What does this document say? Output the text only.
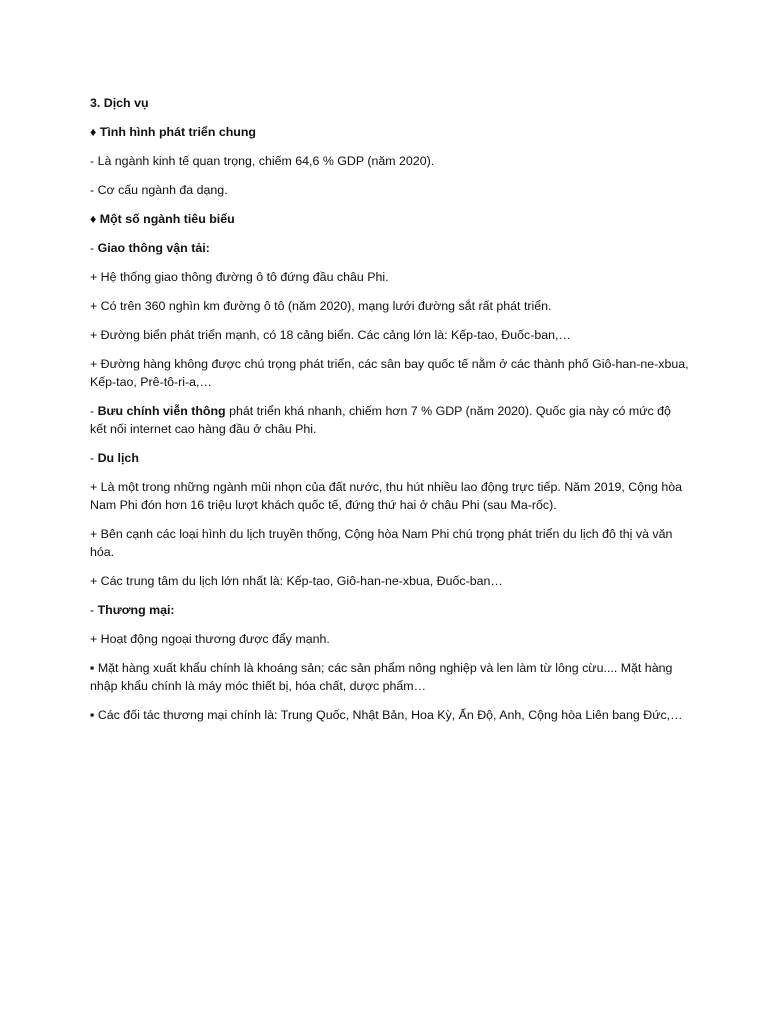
3. Dịch vụ

♦ Tình hình phát triển chung

- Là ngành kinh tế quan trọng, chiếm 64,6 % GDP (năm 2020).

- Cơ cấu ngành đa dạng.

♦ Một số ngành tiêu biểu

- Giao thông vận tải:

+ Hệ thống giao thông đường ô tô đứng đầu châu Phi.

+ Có trên 360 nghìn km đường ô tô (năm 2020), mạng lưới đường sắt rất phát triển.

+ Đường biển phát triển mạnh, có 18 cảng biển. Các cảng lớn là: Kếp-tao, Đuốc-ban,…

+ Đường hàng không được chú trọng phát triển, các sân bay quốc tế nằm ở các thành phố Giô-han-ne-xbua, Kếp-tao, Prê-tô-ri-a,…

- Bưu chính viễn thông phát triển khá nhanh, chiếm hơn 7 % GDP (năm 2020). Quốc gia này có mức độ kết nối internet cao hàng đầu ở châu Phi.

- Du lịch

+ Là một trong những ngành mũi nhọn của đất nước, thu hút nhiều lao động trực tiếp. Năm 2019, Cộng hòa Nam Phi đón hơn 16 triệu lượt khách quốc tế, đứng thứ hai ở châu Phi (sau Ma-rốc).

+ Bên cạnh các loại hình du lịch truyền thống, Cộng hòa Nam Phi chú trọng phát triển du lịch đô thị và văn hóa.

+ Các trung tâm du lịch lớn nhất là: Kếp-tao, Giô-han-ne-xbua, Đuốc-ban…

- Thương mại:

+ Hoạt động ngoại thương được đẩy mạnh.

▪ Mặt hàng xuất khẩu chính là khoáng sản; các sản phẩm nông nghiệp và len làm từ lông cừu.... Mặt hàng nhập khẩu chính là máy móc thiết bị, hóa chất, dược phẩm…

▪ Các đối tác thương mại chính là: Trung Quốc, Nhật Bản, Hoa Kỳ, Ấn Độ, Anh, Cộng hòa Liên bang Đức,…
